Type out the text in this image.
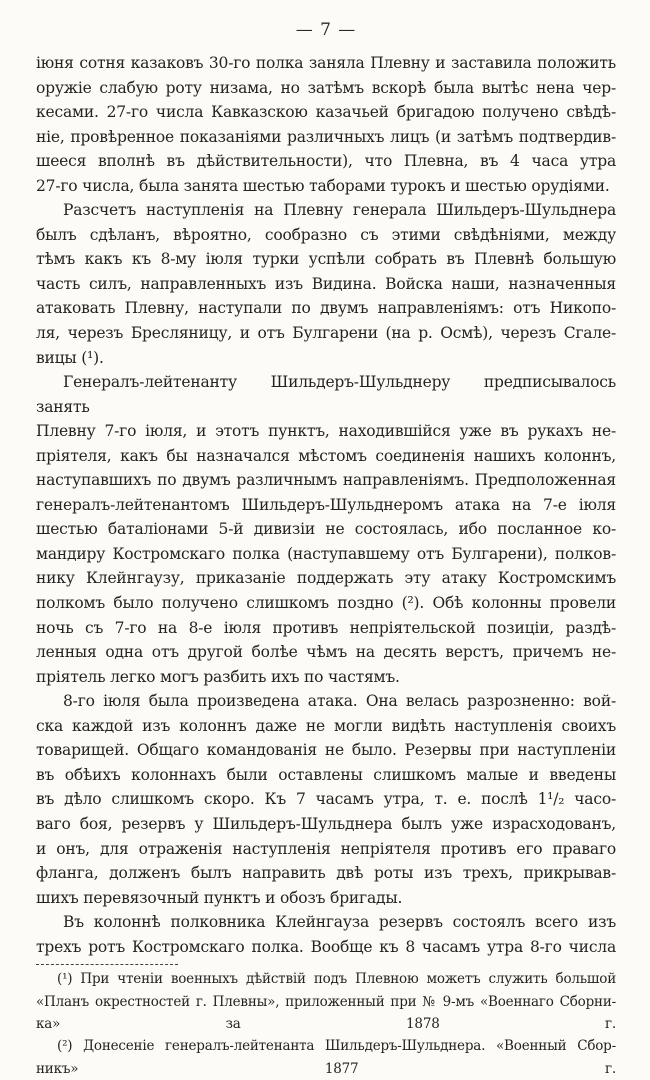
— 7 —
іюня сотня казаковъ 30-го полка заняла Плевну и заставила положить
оружіе слабую роту низама, но затѣмъ вскорѣ была вытѣс нена чер-
кесами. 27-го числа Кавказскою казачьей бригадою получено свѣдѣ-
ніе, провѣренное показаніями различныхъ лицъ (и затѣмъ подтвердив-
шееся вполнѣ въ дѣйствительности), что Плевна, въ 4 часа утра
27-го числа, была занята шестью таборами турокъ и шестью орудіями.
Разсчетъ наступленія на Плевну генерала Шильдеръ-Шульднера
былъ сдѣланъ, вѣроятно, сообразно съ этими свѣдѣніями, между
тѣмъ какъ къ 8-му іюля турки успѣли собрать въ Плевнѣ большую
часть силъ, направленныхъ изъ Видина. Войска наши, назначенныя
атаковать Плевну, наступали по двумъ направленіямъ: отъ Никопо-
ля, черезъ Бресляницу, и отъ Булгарени (на р. Осмѣ), черезъ Сгале-
вицы (¹).
Генералъ-лейтенанту Шильдеръ-Шульднеру предписывалось занять
Плевну 7-го іюля, и этотъ пунктъ, находившійся уже въ рукахъ не-
пріятеля, какъ бы назначался мѣстомъ соединенія нашихъ колоннъ,
наступавшихъ по двумъ различнымъ направленіямъ. Предположенная
генералъ-лейтенантомъ Шильдеръ-Шульднеромъ атака на 7-е іюля
шестью баталіонами 5-й дивизіи не состоялась, ибо посланное ко-
мандиру Костромскаго полка (наступавшему отъ Булгарени), полков-
нику Клейнгаузу, приказаніе поддержать эту атаку Костромскимъ
полкомъ было получено слишкомъ поздно (²). Обѣ колонны провели
ночь съ 7-го на 8-е іюля противъ непріятельской позиціи, раздѣ-
ленныя одна отъ другой болѣе чѣмъ на десять верстъ, причемъ не-
пріятель легко могъ разбить ихъ по частямъ.
8-го іюля была произведена атака. Она велась разрозненно: вой-
ска каждой изъ колоннъ даже не могли видѣть наступленія своихъ
товарищей. Общаго командованія не было. Резервы при наступленіи
въ обѣихъ колоннахъ были оставлены слишкомъ малые и введены
въ дѣло слишкомъ скоро. Къ 7 часамъ утра, т. е. послѣ 1¹/₂ часо-
ваго боя, резервъ у Шильдеръ-Шульднера былъ уже израсходованъ,
и онъ, для отраженія наступленія непріятеля противъ его праваго
фланга, долженъ былъ направить двѣ роты изъ трехъ, прикрывав-
шихъ перевязочный пунктъ и обозъ бригады.
Въ колоннѣ полковника Клейнгауза резервъ состоялъ всего изъ
трехъ ротъ Костромскаго полка. Вообще къ 8 часамъ утра 8-го числа
(¹) При чтеніи военныхъ дѣйствій подъ Плевною можетъ служить большой
«Планъ окрестностей г. Плевны», приложенный при № 9-мъ «Военнаго Сборни-
ка» за 1878 г.
(²) Донесеніе генералъ-лейтенанта Шильдеръ-Шульднера. «Военный Сбор-
никъ» 1877 г.
